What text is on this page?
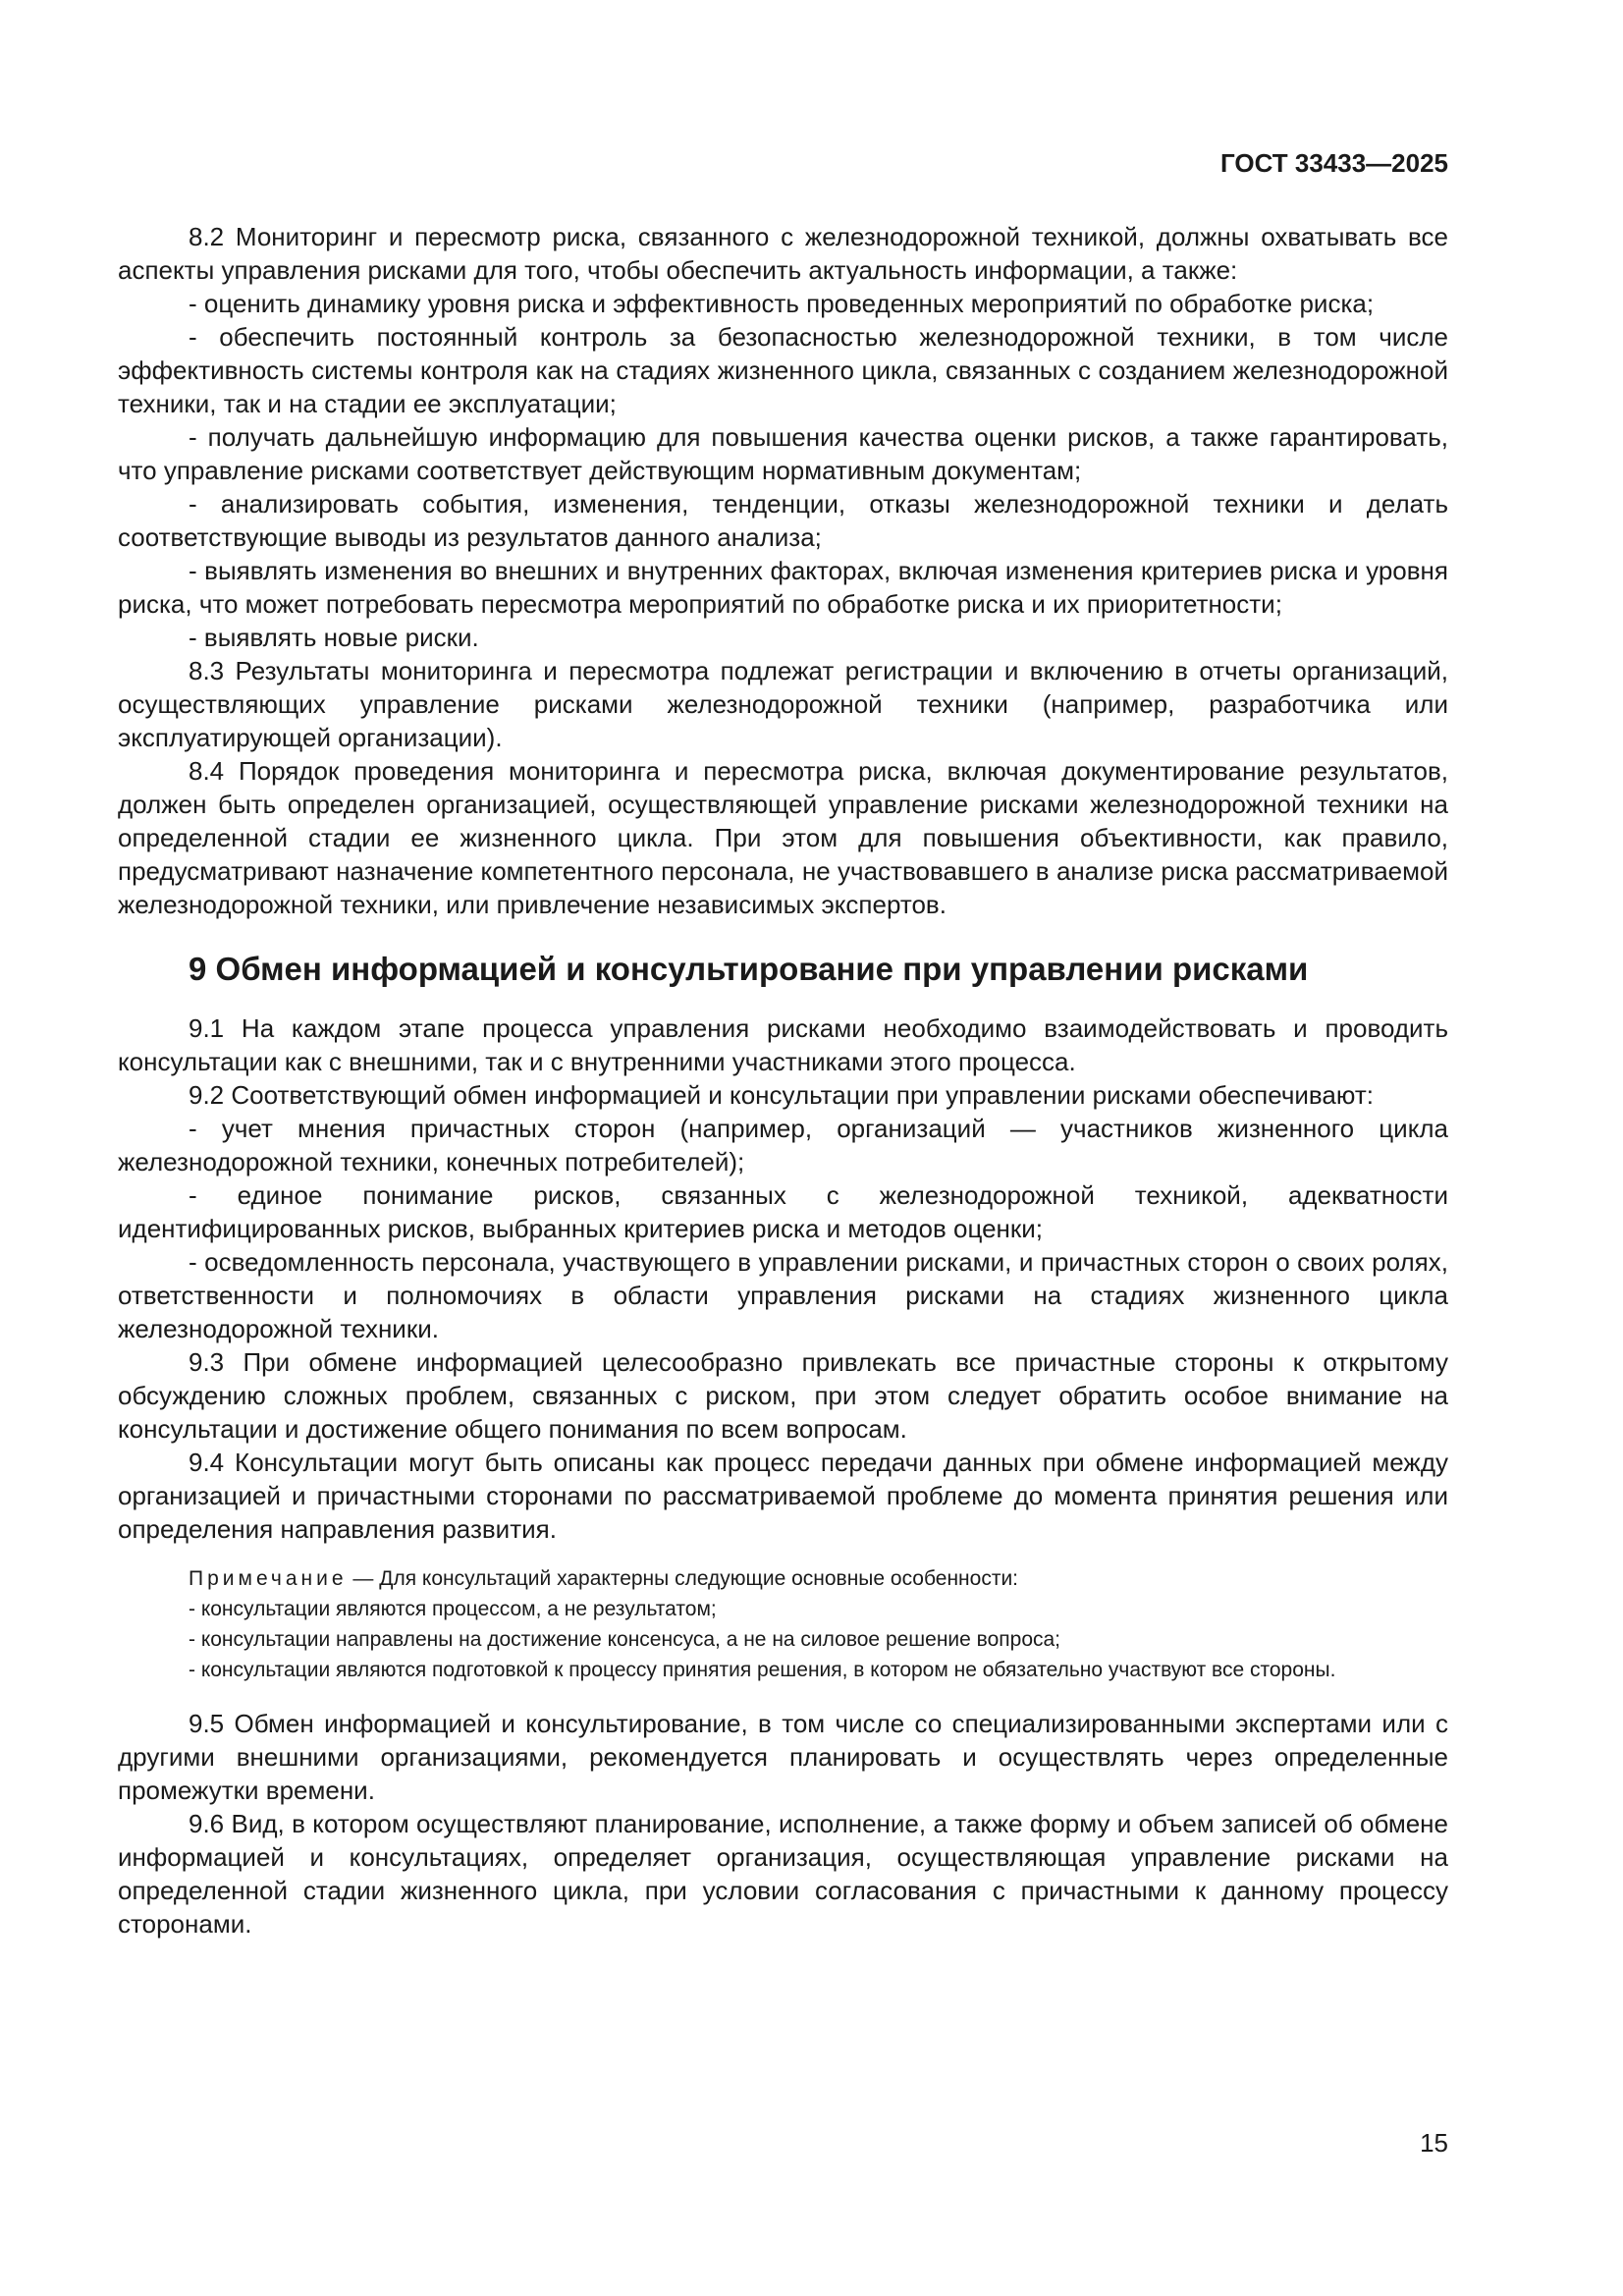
ГОСТ 33433—2025

8.2 Мониторинг и пересмотр риска, связанного с железнодорожной техникой, должны охватывать все аспекты управления рисками для того, чтобы обеспечить актуальность информации, а также:

- оценить динамику уровня риска и эффективность проведенных мероприятий по обработке риска;

- обеспечить постоянный контроль за безопасностью железнодорожной техники, в том числе эффективность системы контроля как на стадиях жизненного цикла, связанных с созданием железнодорожной техники, так и на стадии ее эксплуатации;

- получать дальнейшую информацию для повышения качества оценки рисков, а также гарантировать, что управление рисками соответствует действующим нормативным документам;

- анализировать события, изменения, тенденции, отказы железнодорожной техники и делать соответствующие выводы из результатов данного анализа;

- выявлять изменения во внешних и внутренних факторах, включая изменения критериев риска и уровня риска, что может потребовать пересмотра мероприятий по обработке риска и их приоритетности;

- выявлять новые риски.

8.3 Результаты мониторинга и пересмотра подлежат регистрации и включению в отчеты организаций, осуществляющих управление рисками железнодорожной техники (например, разработчика или эксплуатирующей организации).

8.4 Порядок проведения мониторинга и пересмотра риска, включая документирование результатов, должен быть определен организацией, осуществляющей управление рисками железнодорожной техники на определенной стадии ее жизненного цикла. При этом для повышения объективности, как правило, предусматривают назначение компетентного персонала, не участвовавшего в анализе риска рассматриваемой железнодорожной техники, или привлечение независимых экспертов.

9 Обмен информацией и консультирование при управлении рисками

9.1 На каждом этапе процесса управления рисками необходимо взаимодействовать и проводить консультации как с внешними, так и с внутренними участниками этого процесса.

9.2 Соответствующий обмен информацией и консультации при управлении рисками обеспечивают:

- учет мнения причастных сторон (например, организаций — участников жизненного цикла железнодорожной техники, конечных потребителей);

- единое понимание рисков, связанных с железнодорожной техникой, адекватности идентифицированных рисков, выбранных критериев риска и методов оценки;

- осведомленность персонала, участвующего в управлении рисками, и причастных сторон о своих ролях, ответственности и полномочиях в области управления рисками на стадиях жизненного цикла железнодорожной техники.

9.3 При обмене информацией целесообразно привлекать все причастные стороны к открытому обсуждению сложных проблем, связанных с риском, при этом следует обратить особое внимание на консультации и достижение общего понимания по всем вопросам.

9.4 Консультации могут быть описаны как процесс передачи данных при обмене информацией между организацией и причастными сторонами по рассматриваемой проблеме до момента принятия решения или определения направления развития.

Примечание — Для консультаций характерны следующие основные особенности:

- консультации являются процессом, а не результатом;

- консультации направлены на достижение консенсуса, а не на силовое решение вопроса;

- консультации являются подготовкой к процессу принятия решения, в котором не обязательно участвуют все стороны.

9.5 Обмен информацией и консультирование, в том числе со специализированными экспертами или с другими внешними организациями, рекомендуется планировать и осуществлять через определенные промежутки времени.

9.6 Вид, в котором осуществляют планирование, исполнение, а также форму и объем записей об обмене информацией и консультациях, определяет организация, осуществляющая управление рисками на определенной стадии жизненного цикла, при условии согласования с причастными к данному процессу сторонами.

15
